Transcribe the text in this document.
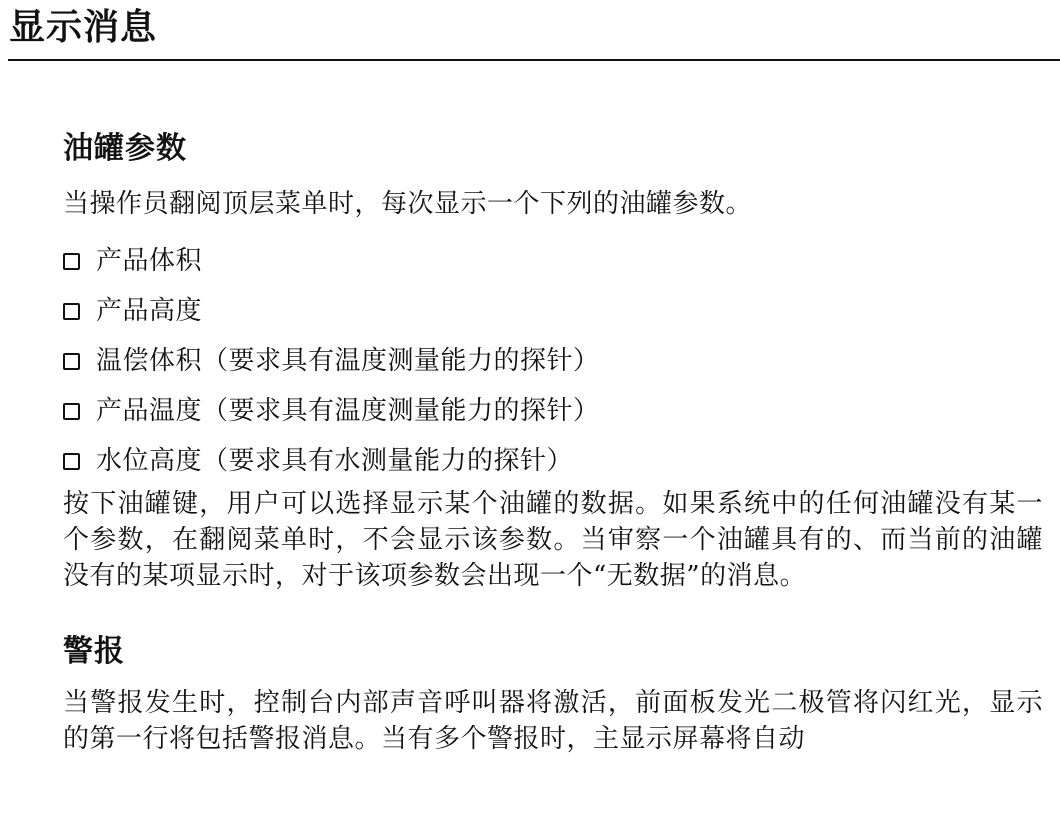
显示消息
油罐参数

当操作员翻阅顶层菜单时，每次显示一个下列的油罐参数。

产品体积
产品高度
温偿体积（要求具有温度测量能力的探针）
产品温度（要求具有温度测量能力的探针）
水位高度（要求具有水测量能力的探针）

按下油罐键，用户可以选择显示某个油罐的数据。如果系统中的任何油罐没有某一个参数，在翻阅菜单时，不会显示该参数。当审察一个油罐具有的、而当前的油罐没有的某项显示时，对于该项参数会出现一个“无数据”的消息。

警报

当警报发生时，控制台内部声音呼叫器将激活，前面板发光二极管将闪红光，显示的第一行将包括警报消息。当有多个警报时，主显示屏幕将自动
